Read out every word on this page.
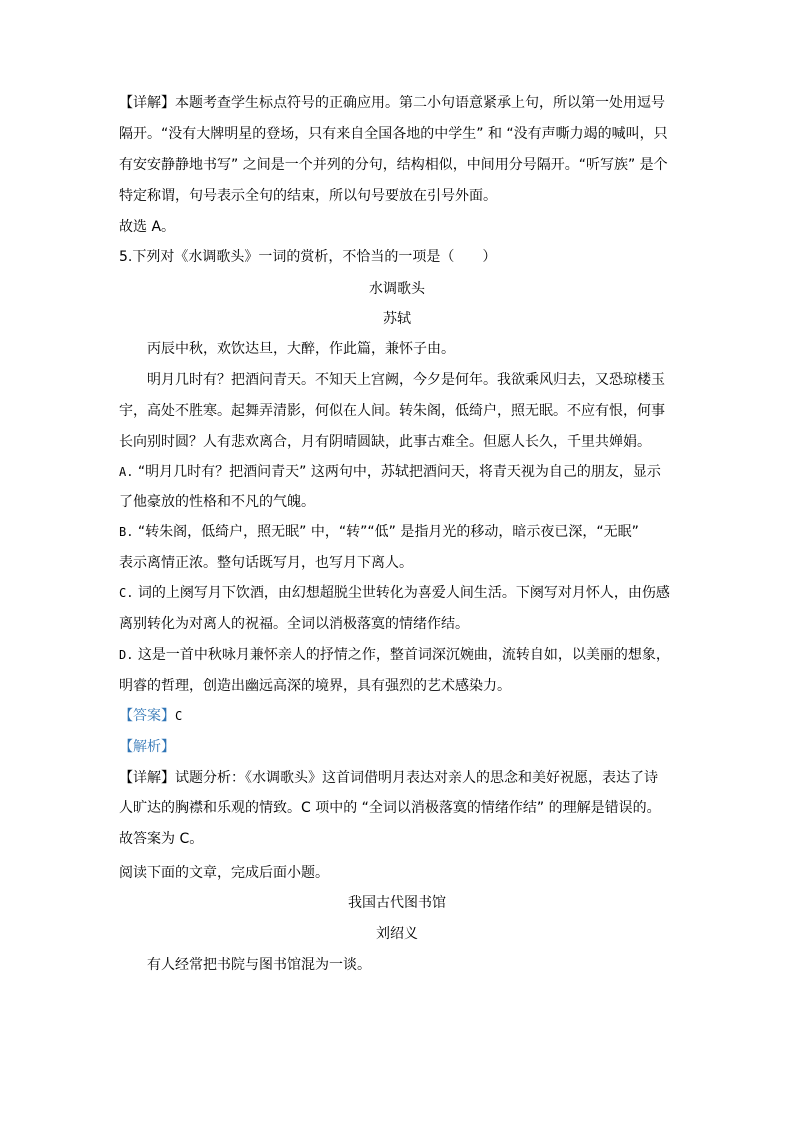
【详解】本题考查学生标点符号的正确应用。第二小句语意紧承上句，所以第一处用逗号
隔开。“没有大牌明星的登场，只有来自全国各地的中学生” 和 “没有声嘶力竭的喊叫，只
有安安静静地书写” 之间是一个并列的分句，结构相似，中间用分号隔开。“听写族” 是个
特定称谓，句号表示全句的结束，所以句号要放在引号外面。
故选 A。
5.下列对《水调歌头》一词的赏析，不恰当的一项是（　　）
水调歌头
苏轼
丙辰中秋，欢饮达旦，大醉，作此篇，兼怀子由。
明月几时有？把酒问青天。不知天上宫阙，今夕是何年。我欲乘风归去，又恐琼楼玉
宇，高处不胜寒。起舞弄清影，何似在人间。转朱阁，低绮户，照无眠。不应有恨，何事
长向别时圆？人有悲欢离合，月有阴晴圆缺，此事古难全。但愿人长久，千里共婵娟。
A. “明月几时有？把酒问青天” 这两句中，苏轼把酒问天，将青天视为自己的朋友，显示
了他豪放的性格和不凡的气魄。
B. “转朱阁，低绮户，照无眠” 中，“转”“低” 是指月光的移动，暗示夜已深，“无眠”
表示离情正浓。整句话既写月，也写月下离人。
C. 词的上阕写月下饮酒，由幻想超脱尘世转化为喜爱人间生活。下阕写对月怀人，由伤感
离别转化为对离人的祝福。全词以消极落寞的情绪作结。
D. 这是一首中秋咏月兼怀亲人的抒情之作，整首词深沉婉曲，流转自如，以美丽的想象，
明睿的哲理，创造出幽远高深的境界，具有强烈的艺术感染力。
【答案】C
【解析】
【详解】试题分析：《水调歌头》这首词借明月表达对亲人的思念和美好祝愿，表达了诗
人旷达的胸襟和乐观的情致。C 项中的 “全词以消极落寞的情绪作结” 的理解是错误的。
故答案为 C。
阅读下面的文章，完成后面小题。
我国古代图书馆
刘绍义
有人经常把书院与图书馆混为一谈。
